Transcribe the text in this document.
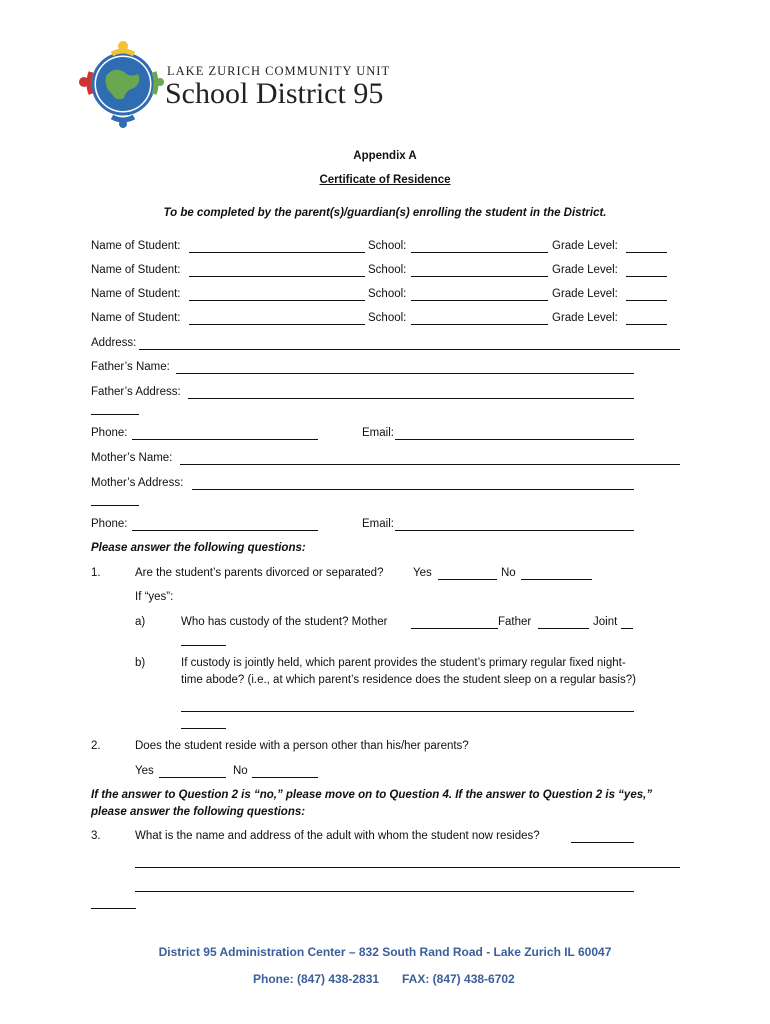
LAKE ZURICH COMMUNITY UNIT
School District 95
Appendix A
Certificate of Residence
To be completed by the parent(s)/guardian(s) enrolling the student in the District.
Name of Student:	School:	Grade Level:
Name of Student:	School:	Grade Level:
Name of Student:	School:	Grade Level:
Name of Student:	School:	Grade Level:
Address:
Father’s Name:
Father’s Address:
Phone:	Email:
Mother’s Name:
Mother’s Address:
Phone:	Email:
Please answer the following questions:
1.	Are the student’s parents divorced or separated?	Yes	No
If “yes”:
a)	Who has custody of the student? Mother	Father	Joint
b)	If custody is jointly held, which parent provides the student’s primary regular fixed night-
time abode? (i.e., at which parent’s residence does the student sleep on a regular basis?)
2.	Does the student reside with a person other than his/her parents?
Yes	No
If the answer to Question 2 is “no,” please move on to Question 4. If the answer to Question 2 is “yes,”
please answer the following questions:
3.	What is the name and address of the adult with whom the student now resides?
District 95 Administration Center – 832 South Rand Road - Lake Zurich IL 60047
Phone: (847) 438-2831 FAX: (847) 438-6702
